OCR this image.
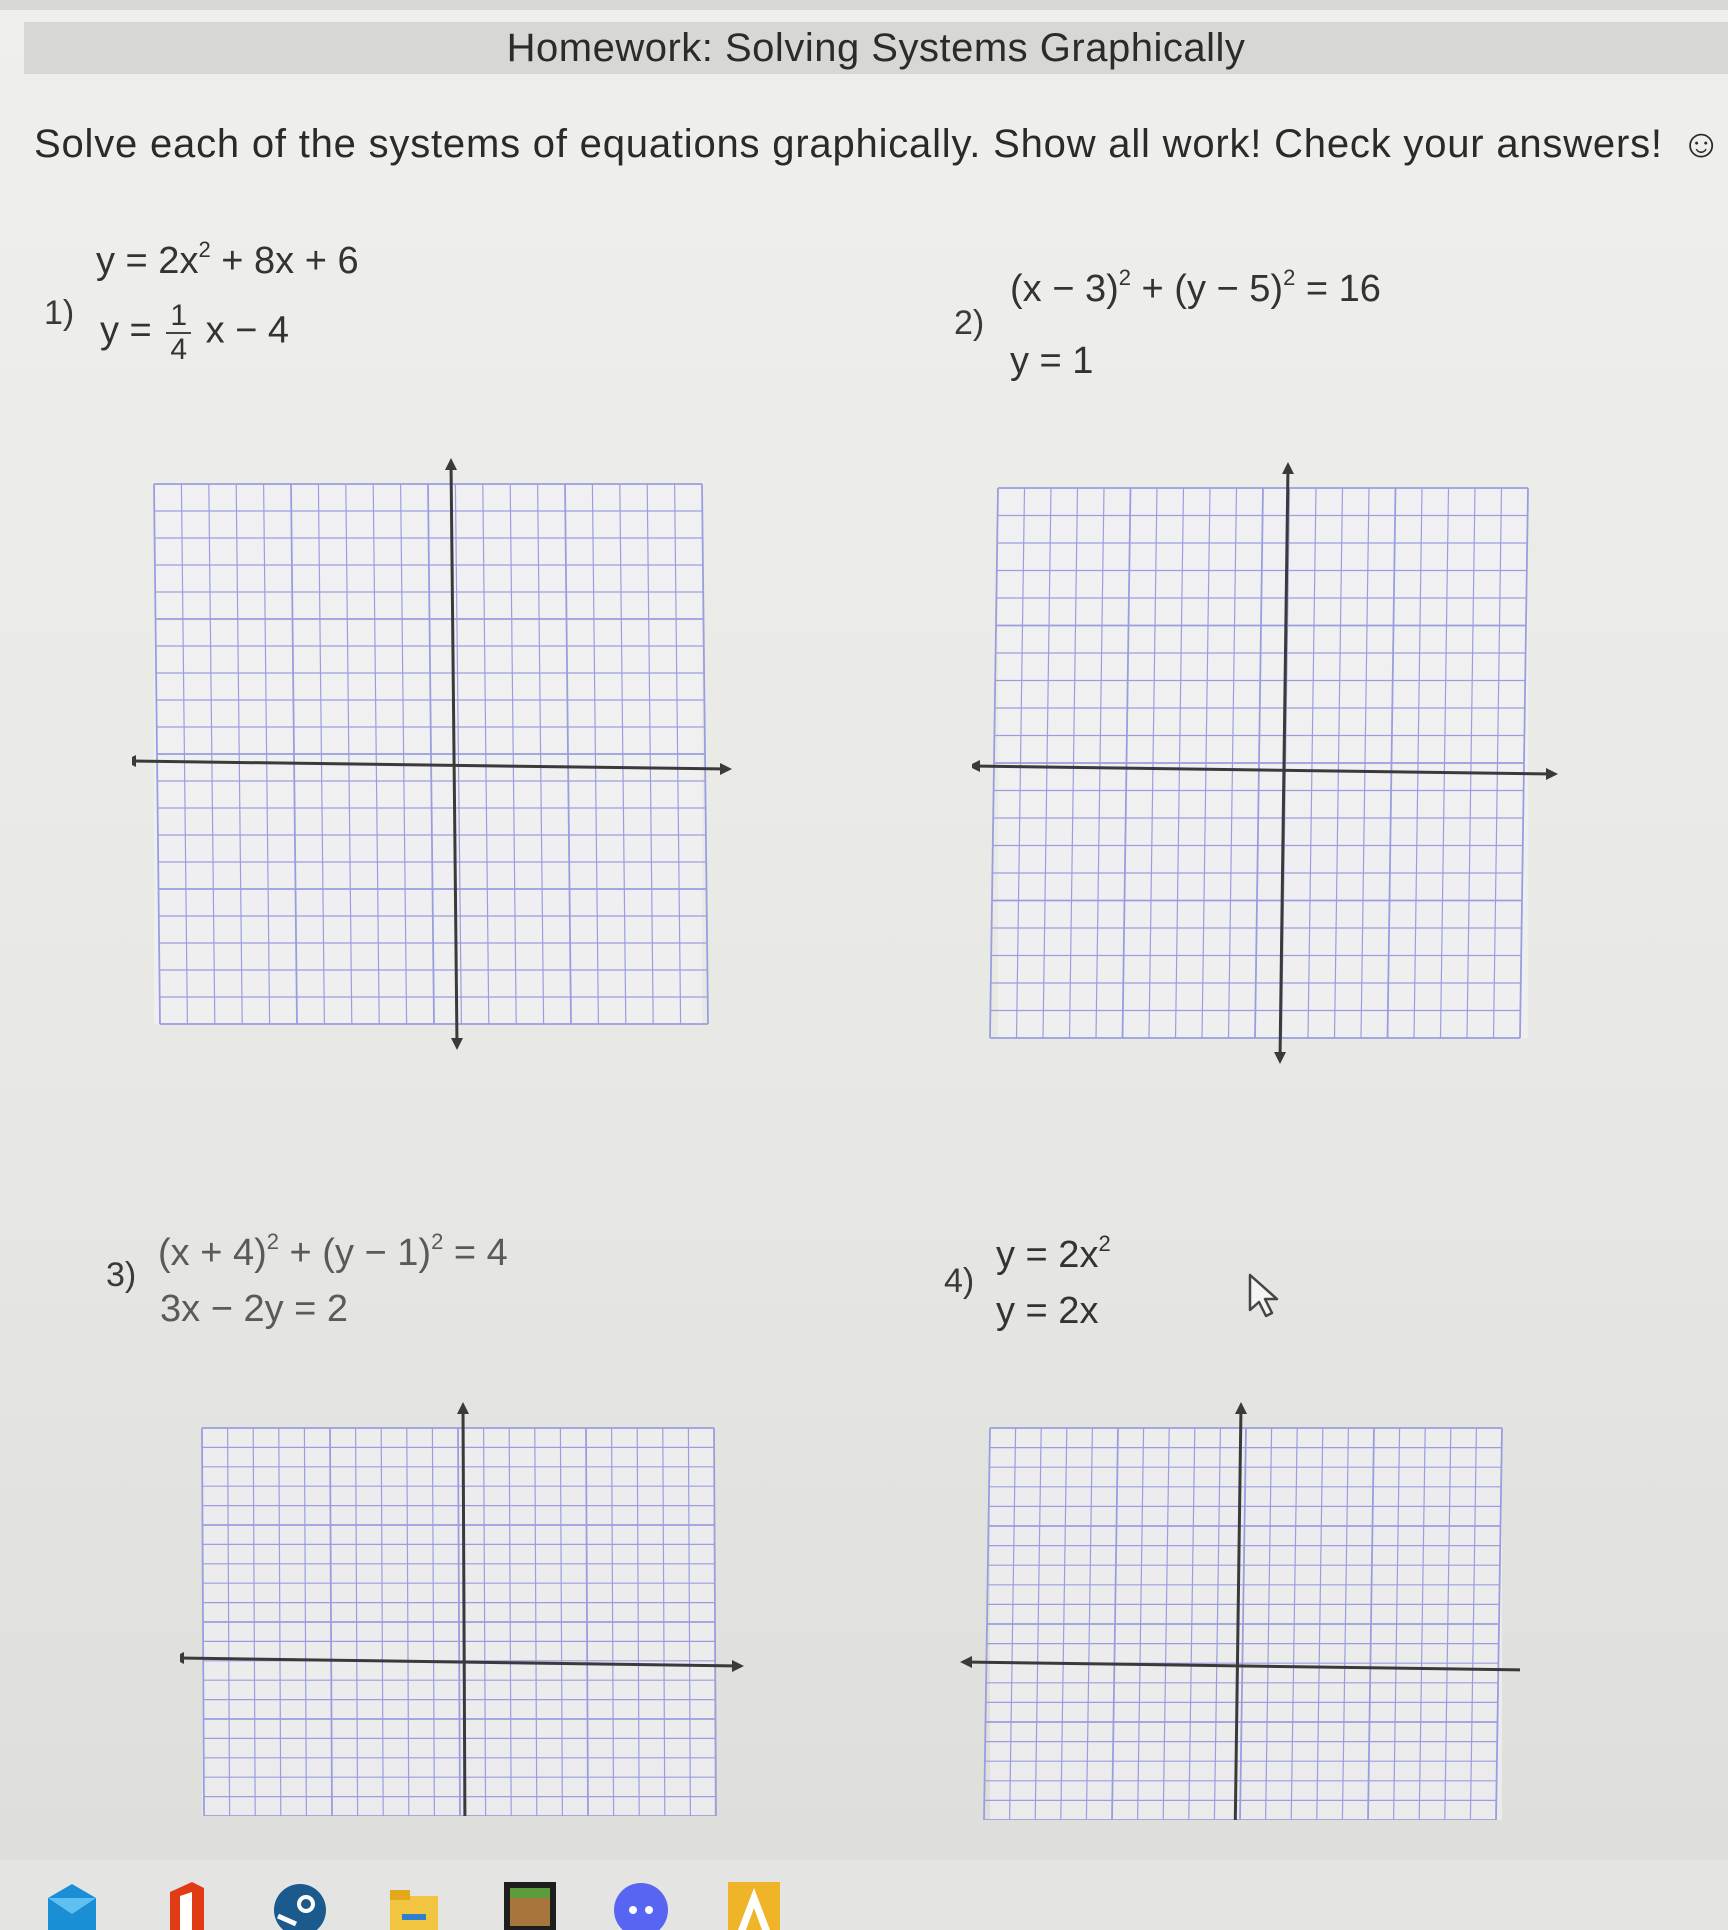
Homework: Solving Systems Graphically
Solve each of the systems of equations graphically. Show all work! Check your answers! ☺
1)
$y = 2x^2 + 8x + 6$
$y = \frac{1}{4}$ x − 4	2)
$(x - 3)^2 + (y - 5)^2 = 16$
y = 1
3)
$(x + 4)^2 + (y - 1)^2 = 4$
3x − 2y = 2
4)
$y = 2x^2$
y = 2x
